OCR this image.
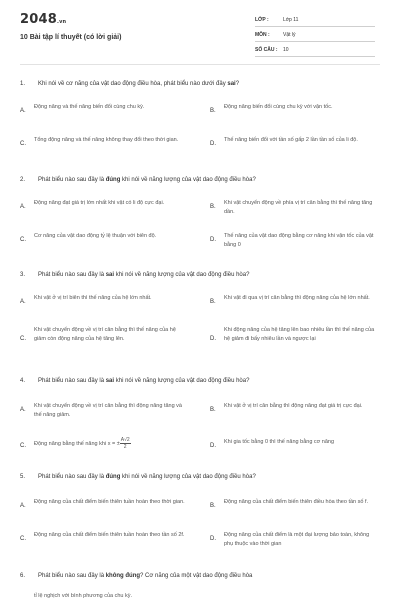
2048.vn
10 Bài tập lí thuyết (có lời giải)
LỚP :	Lớp 11
MÔN :	Vật lý
SỐ CÂU : 10
1. Khi nói về cơ năng của vật dao động điều hòa, phát biểu nào dưới đây sai?
A.
Động năng và thế năng biến đổi cùng chu kỳ.
B.
Động năng biến đổi cùng chu kỳ với vận tốc.
C.
Tổng động năng và thế năng không thay đổi theo thời gian.
D.
Thế năng biến đổi với tần số gấp 2 lần tần số của li độ.
2. Phát biểu nào sau đây là đúng khi nói về năng lượng của vật dao động điều hòa?
A.
Động năng đạt giá trị lớn nhất khi vật có li độ cực đại.
B.
Khi vật chuyển động về phía vị trí cân bằng thì thế năng tăng dần.
C.
Cơ năng của vật dao động tỷ lệ thuận với biên độ.
D.
Thế năng của vật dao động bằng cơ năng khi vận tốc của vật bằng 0
3. Phát biểu nào sau đây là sai khi nói về năng lượng của vật dao động điều hòa?
A.
Khi vật ở vị trí biên thì thế năng của hệ lớn nhất.
B.
Khi vật đi qua vị trí cân bằng thì động năng của hệ lớn nhất.
C.
Khi vật chuyển động về vị trí cân bằng thì thế năng của hệ giảm còn động năng của hệ tăng lên.	D.
Khi động năng của hệ tăng lên bao nhiêu lần thì thế năng của hệ giảm đi bấy nhiêu lần và ngược lại
4. Phát biểu nào sau đây là sai khi nói về năng lượng của vật dao động điều hòa?
A.
Khi vật chuyển động về vị trí cân bằng thì động năng tăng và thế năng giảm.
B.
Khi vật ở vị trí cân bằng thì động năng đạt giá trị cực đại.
C. Động năng bằng thế năng khi x = ± $\frac{A√2}{2}$	D.
Khi gia tốc bằng 0 thì thế năng bằng cơ năng
5. Phát biểu nào sau đây là đúng khi nói về năng lượng của vật dao động điều hòa?
A.
Động năng của chất điểm biến thiên tuần hoàn theo thời gian.
B.
Động năng của chất điểm biến thiên điều hòa theo tần số f.
C.
Động năng của chất điểm biến thiên tuần hoàn theo tần số 2f.
D.
Động năng của chất điểm là một đại lượng bảo toàn, không phụ thuộc vào thời gian
6. Phát biểu nào sau đây là không đúng? Cơ năng của một vật dao động điều hòa
tỉ lệ nghịch với bình phương của chu kỳ.
